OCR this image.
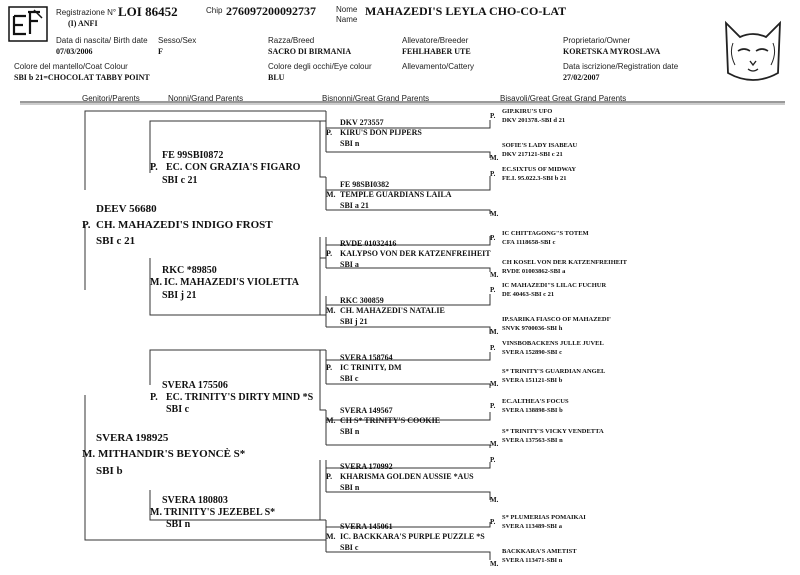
Registrazione N° LOI 86452
(I) ANFI
Chip 276097200092737	Nome
Name
MAHAZEDI'S LEYLA CHO-CO-LAT
Data di nascita/ Birth date
07/03/2006
Sesso/Sex
F
Razza/Breed
SACRO DI BIRMANIA
Allevatore/Breeder
FEHLHABER UTE
Proprietario/Owner
KORETSKA MYROSLAVA
Colore del mantello/Coat Colour
SBI b 21=CHOCOLAT TABBY POINT
Colore degli occhi/Eye colour
BLU
Allevamento/Cattery	Data iscrizione/Registration date
27/02/2007
Genitori/Parents	Nonni/Grand Parents	Bisnonni/Great Grand Parents	Bisavoli/Great Great Grand Parents
DEEV 56680
P. CH. MAHAZEDI'S INDIGO FROST
SBI c 21
SVERA 198925
M. MITHANDIR'S BEYONCÈ S*
SBI b
FE 99SBI0872
P. EC. CON GRAZIA'S FIGARO
SBI c 21
RKC *89850
M. IC. MAHAZEDI'S VIOLETTA
SBI j 21
SVERA 175506
P. EC. TRINITY'S DIRTY MIND *S
SBI c
SVERA 180803
M. TRINITY'S JEZEBEL S*
SBI n
DKV 273557
P. KIRU'S DON PIJPERS
SBI n
FE 98SBI0382
M. TEMPLE GUARDIANS LAILA
SBI a 21
RVDE 01032416
P. KALYPSO VON DER KATZENFREIHEIT
SBI a
RKC 300859
M. CH. MAHAZEDI'S NATALIE
SBI j 21
SVERA 158764
P. IC TRINITY, DM
SBI c
SVERA 149567
M. CH S* TRINITY'S COOKIE
SBI n
SVERA 170992
P. KHARISMA GOLDEN AUSSIE *AUS
SBI n
SVERA 145061
M. IC. BACKKARA'S PURPLE PUZZLE *S
SBI c
P.
GIP.KIRU'S UFO
DKV 201378.-SBI d 21
M.
SOFIE'S LADY ISABEAU
DKV 217121-SBI c 21
P.
EC.SIXTUS OF MIDWAY
FE.I. 95.022.3-SBI b 21
M.
P.
IC CHITTAGONG"S TOTEM
CFA 1118658-SBI c
M.
CH KOSEL VON DER KATZENFREIHEIT
RVDE 01003862-SBI a
P.
IC MAHAZEDI"S LILAC FUCHUR
DE 40463-SBI c 21
M.
IP.SARIKA FIASCO OF MAHAZEDI'
SNVK 9700036-SBI h
P.
VINSBOBACKENS JULLE JUVEL
SVERA 152890-SBI c
M.
S* TRINITY'S GUARDIAN ANGEL
SVERA 151121-SBI b
P.
EC.ALTHEA'S FOCUS
SVERA 138898-SBI b
M.
S* TRINITY'S VICKY VENDETTA
SVERA 137563-SBI n
P.
M.
P.
S* PLUMERIAS POMAIKAI
SVERA 113489-SBI a
M.
BACKKARA'S AMETIST
SVERA 113471-SBI n
